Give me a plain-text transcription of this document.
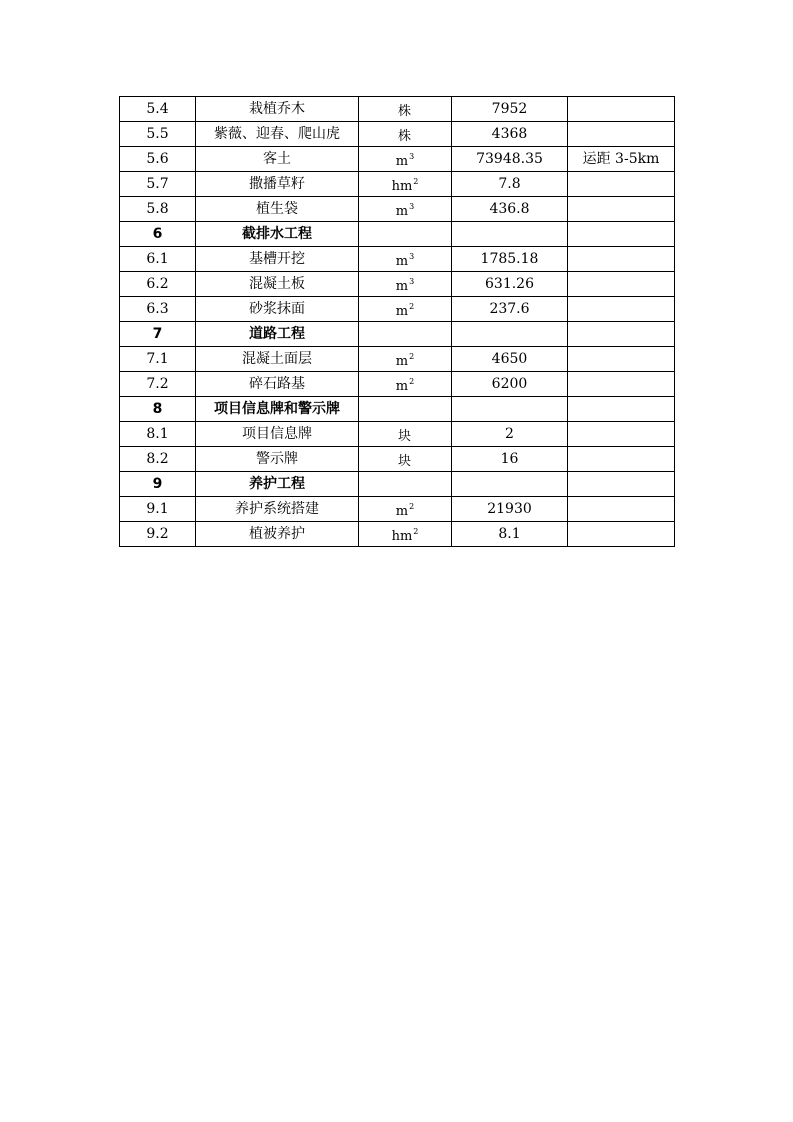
5.4	栽植乔木	株	7952	
5.5	紫薇、迎春、爬山虎	株	4368	
5.6	客土	$m^3$	73948.35	运距 3-5km
5.7	撒播草籽	$hm^2$	7.8	
5.8	植生袋	$m^3$	436.8	
6	截排水工程			
6.1	基槽开挖	$m^3$	1785.18	
6.2	混凝土板	$m^3$	631.26	
6.3	砂浆抹面	$m^2$	237.6	
7	道路工程			
7.1	混凝土面层	$m^2$	4650	
7.2	碎石路基	$m^2$	6200	
8	项目信息牌和警示牌			
8.1	项目信息牌	块	2	
8.2	警示牌	块	16	
9	养护工程			
9.1	养护系统搭建	$m^2$	21930	
9.2	植被养护	$hm^2$	8.1	
